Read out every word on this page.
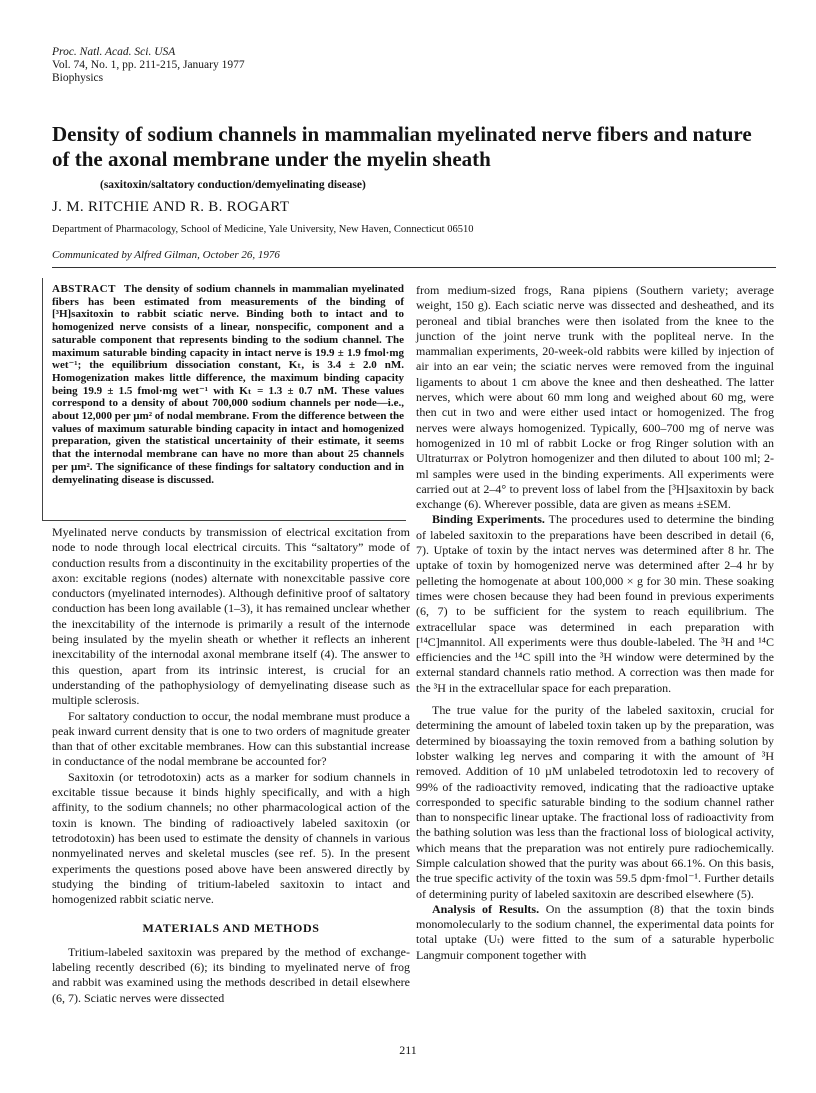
Proc. Natl. Acad. Sci. USA
Vol. 74, No. 1, pp. 211-215, January 1977
Biophysics
Density of sodium channels in mammalian myelinated nerve fibers and nature of the axonal membrane under the myelin sheath
(saxitoxin/saltatory conduction/demyelinating disease)
J. M. RITCHIE AND R. B. ROGART
Department of Pharmacology, School of Medicine, Yale University, New Haven, Connecticut 06510
Communicated by Alfred Gilman, October 26, 1976

ABSTRACT The density of sodium channels in mammalian myelinated fibers has been estimated from measurements of the binding of [³H]saxitoxin to rabbit sciatic nerve. Binding both to intact and to homogenized nerve consists of a linear, nonspecific, component and a saturable component that represents binding to the sodium channel. The maximum saturable binding capacity in intact nerve is 19.9 ± 1.9 fmol·mg wet⁻¹; the equilibrium dissociation constant, Kₜ, is 3.4 ± 2.0 nM. Homogenization makes little difference, the maximum binding capacity being 19.9 ± 1.5 fmol·mg wet⁻¹ with Kₜ = 1.3 ± 0.7 nM. These values correspond to a density of about 700,000 sodium channels per node—i.e., about 12,000 per µm² of nodal membrane. From the difference between the values of maximum saturable binding capacity in intact and homogenized preparation, given the statistical uncertainity of their estimate, it seems that the internodal membrane can have no more than about 25 channels per µm². The significance of these findings for saltatory conduction and in demyelinating disease is discussed.

Myelinated nerve conducts by transmission of electrical excitation from node to node through local electrical circuits. This “saltatory” mode of conduction results from a discontinuity in the excitability properties of the axon: excitable regions (nodes) alternate with nonexcitable passive core conductors (myelinated internodes). Although definitive proof of saltatory conduction has been long available (1–3), it has remained unclear whether the inexcitability of the internode is primarily a result of the internode being insulated by the myelin sheath or whether it reflects an inherent inexcitability of the internodal axonal membrane itself (4). The answer to this question, apart from its intrinsic interest, is crucial for an understanding of the pathophysiology of demyelinating disease such as multiple sclerosis.

For saltatory conduction to occur, the nodal membrane must produce a peak inward current density that is one to two orders of magnitude greater than that of other excitable membranes. How can this substantial increase in conductance of the nodal membrane be accounted for?

Saxitoxin (or tetrodotoxin) acts as a marker for sodium channels in excitable tissue because it binds highly specifically, and with a high affinity, to the sodium channels; no other pharmacological action of the toxin is known. The binding of radioactively labeled saxitoxin (or tetrodotoxin) has been used to estimate the density of channels in various nonmyelinated nerves and skeletal muscles (see ref. 5). In the present experiments the questions posed above have been answered directly by studying the binding of tritium-labeled saxitoxin to intact and homogenized rabbit sciatic nerve.

MATERIALS AND METHODS

Tritium-labeled saxitoxin was prepared by the method of exchange-labeling recently described (6); its binding to myelinated nerve of frog and rabbit was examined using the methods described in detail elsewhere (6, 7). Sciatic nerves were dissected

from medium-sized frogs, Rana pipiens (Southern variety; average weight, 150 g). Each sciatic nerve was dissected and desheathed, and its peroneal and tibial branches were then isolated from the knee to the junction of the joint nerve trunk with the popliteal nerve. In the mammalian experiments, 20-week-old rabbits were killed by injection of air into an ear vein; the sciatic nerves were removed from the inguinal ligaments to about 1 cm above the knee and then desheathed. The latter nerves, which were about 60 mm long and weighed about 60 mg, were then cut in two and were either used intact or homogenized. The frog nerves were always homogenized. Typically, 600–700 mg of nerve was homogenized in 10 ml of rabbit Locke or frog Ringer solution with an Ultraturrax or Polytron homogenizer and then diluted to about 100 ml; 2-ml samples were used in the binding experiments. All experiments were carried out at 2–4° to prevent loss of label from the [³H]saxitoxin by back exchange (6). Wherever possible, data are given as means ±SEM.

Binding Experiments. The procedures used to determine the binding of labeled saxitoxin to the preparations have been described in detail (6, 7). Uptake of toxin by the intact nerves was determined after 8 hr. The uptake of toxin by homogenized nerve was determined after 2–4 hr by pelleting the homogenate at about 100,000 × g for 30 min. These soaking times were chosen because they had been found in previous experiments (6, 7) to be sufficient for the system to reach equilibrium. The extracellular space was determined in each preparation with [¹⁴C]mannitol. All experiments were thus double-labeled. The ³H and ¹⁴C efficiencies and the ¹⁴C spill into the ³H window were determined by the external standard channels ratio method. A correction was then made for the ³H in the extracellular space for each preparation.

The true value for the purity of the labeled saxitoxin, crucial for determining the amount of labeled toxin taken up by the preparation, was determined by bioassaying the toxin removed from a bathing solution by lobster walking leg nerves and comparing it with the amount of ³H removed. Addition of 10 µM unlabeled tetrodotoxin led to recovery of 99% of the radioactivity removed, indicating that the radioactive uptake corresponded to specific saturable binding to the sodium channel rather than to nonspecific linear uptake. The fractional loss of radioactivity from the bathing solution was less than the fractional loss of biological activity, which means that the preparation was not entirely pure radiochemically. Simple calculation showed that the purity was about 66.1%. On this basis, the true specific activity of the toxin was 59.5 dpm·fmol⁻¹. Further details of determining purity of labeled saxitoxin are described elsewhere (5).

Analysis of Results. On the assumption (8) that the toxin binds monomolecularly to the sodium channel, the experimental data points for total uptake (Uₜ) were fitted to the sum of a saturable hyperbolic Langmuir component together with

211
